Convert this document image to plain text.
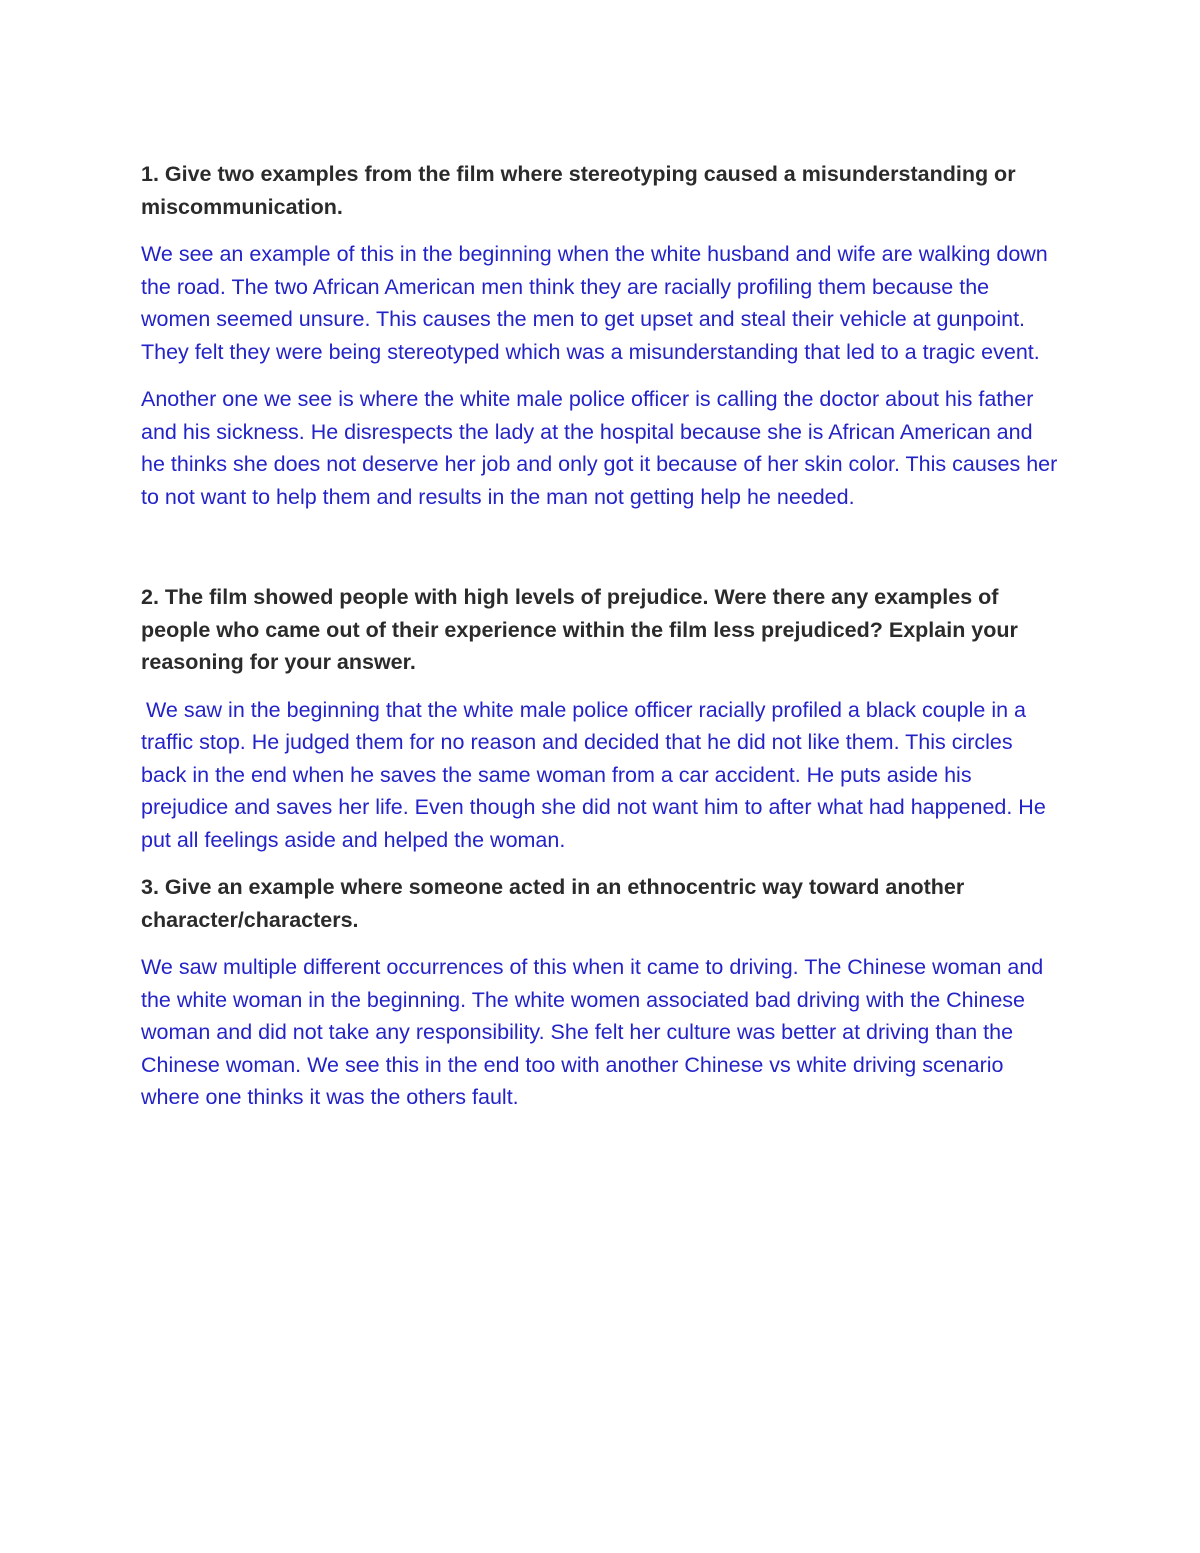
1. Give two examples from the film where stereotyping caused a misunderstanding or miscommunication.

We see an example of this in the beginning when the white husband and wife are walking down the road. The two African American men think they are racially profiling them because the women seemed unsure. This causes the men to get upset and steal their vehicle at gunpoint. They felt they were being stereotyped which was a misunderstanding that led to a tragic event.

Another one we see is where the white male police officer is calling the doctor about his father and his sickness. He disrespects the lady at the hospital because she is African American and he thinks she does not deserve her job and only got it because of her skin color. This causes her to not want to help them and results in the man not getting help he needed.

2. The film showed people with high levels of prejudice. Were there any examples of people who came out of their experience within the film less prejudiced? Explain your reasoning for your answer.

We saw in the beginning that the white male police officer racially profiled a black couple in a traffic stop. He judged them for no reason and decided that he did not like them. This circles back in the end when he saves the same woman from a car accident. He puts aside his prejudice and saves her life. Even though she did not want him to after what had happened. He put all feelings aside and helped the woman.

3. Give an example where someone acted in an ethnocentric way toward another character/characters.

We saw multiple different occurrences of this when it came to driving. The Chinese woman and the white woman in the beginning. The white women associated bad driving with the Chinese woman and did not take any responsibility. She felt her culture was better at driving than the Chinese woman. We see this in the end too with another Chinese vs white driving scenario where one thinks it was the others fault.
